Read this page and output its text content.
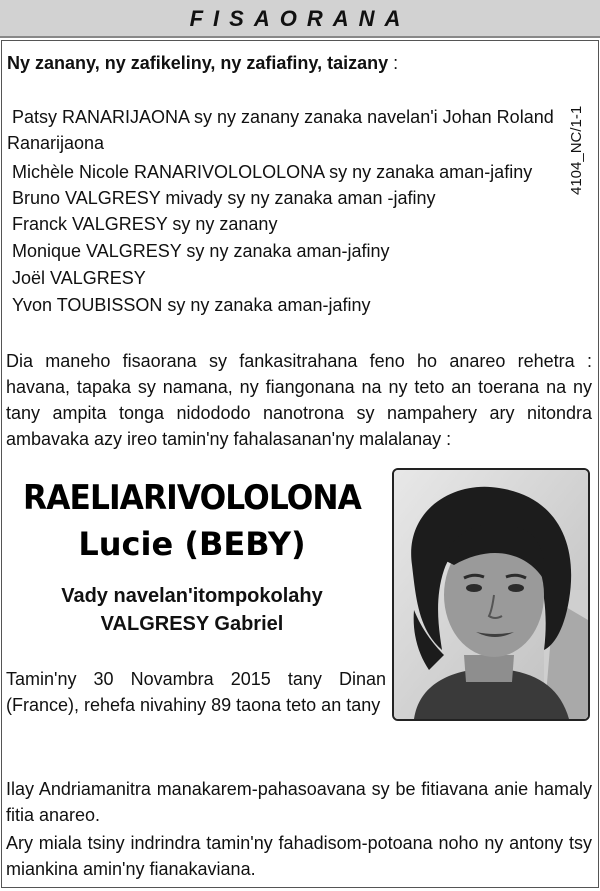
FISAORANA
4104_NC/1-1
Ny zanany, ny zafikeliny, ny zafiafiny, taizany :
Patsy RANARIJAONA sy ny zanany zanaka navelan'i Johan Roland
Ranarijaona
Michèle Nicole RANARIVOLOLOLONA sy ny zanaka aman-jafiny
Bruno VALGRESY mivady sy ny zanaka aman -jafiny
Franck VALGRESY sy ny zanany
Monique VALGRESY sy ny zanaka aman-jafiny
Joël VALGRESY
Yvon TOUBISSON sy ny zanaka aman-jafiny
Dia maneho fisaorana sy fankasitrahana feno ho anareo rehetra : havana, tapaka sy namana, ny fiangonana na ny teto an toerana na ny tany ampita tonga nidododo nanotrona sy nampahery ary nitondra ambavaka azy ireo tamin'ny fahalasanan'ny malalanay :
RAELIARIVOLOLONA
Lucie (BEBY)
Vady navelan'itompokolahy
VALGRESY Gabriel
Tamin'ny 30 Novambra 2015 tany Dinan (France), rehefa nivahiny 89 taona teto an tany
Ilay Andriamanitra manakarem-pahasoavana sy be fitiavana anie hamaly fitia anareo.
Ary miala tsiny indrindra tamin'ny fahadisom-potoana noho ny antony tsy miankina amin'ny fianakaviana.
